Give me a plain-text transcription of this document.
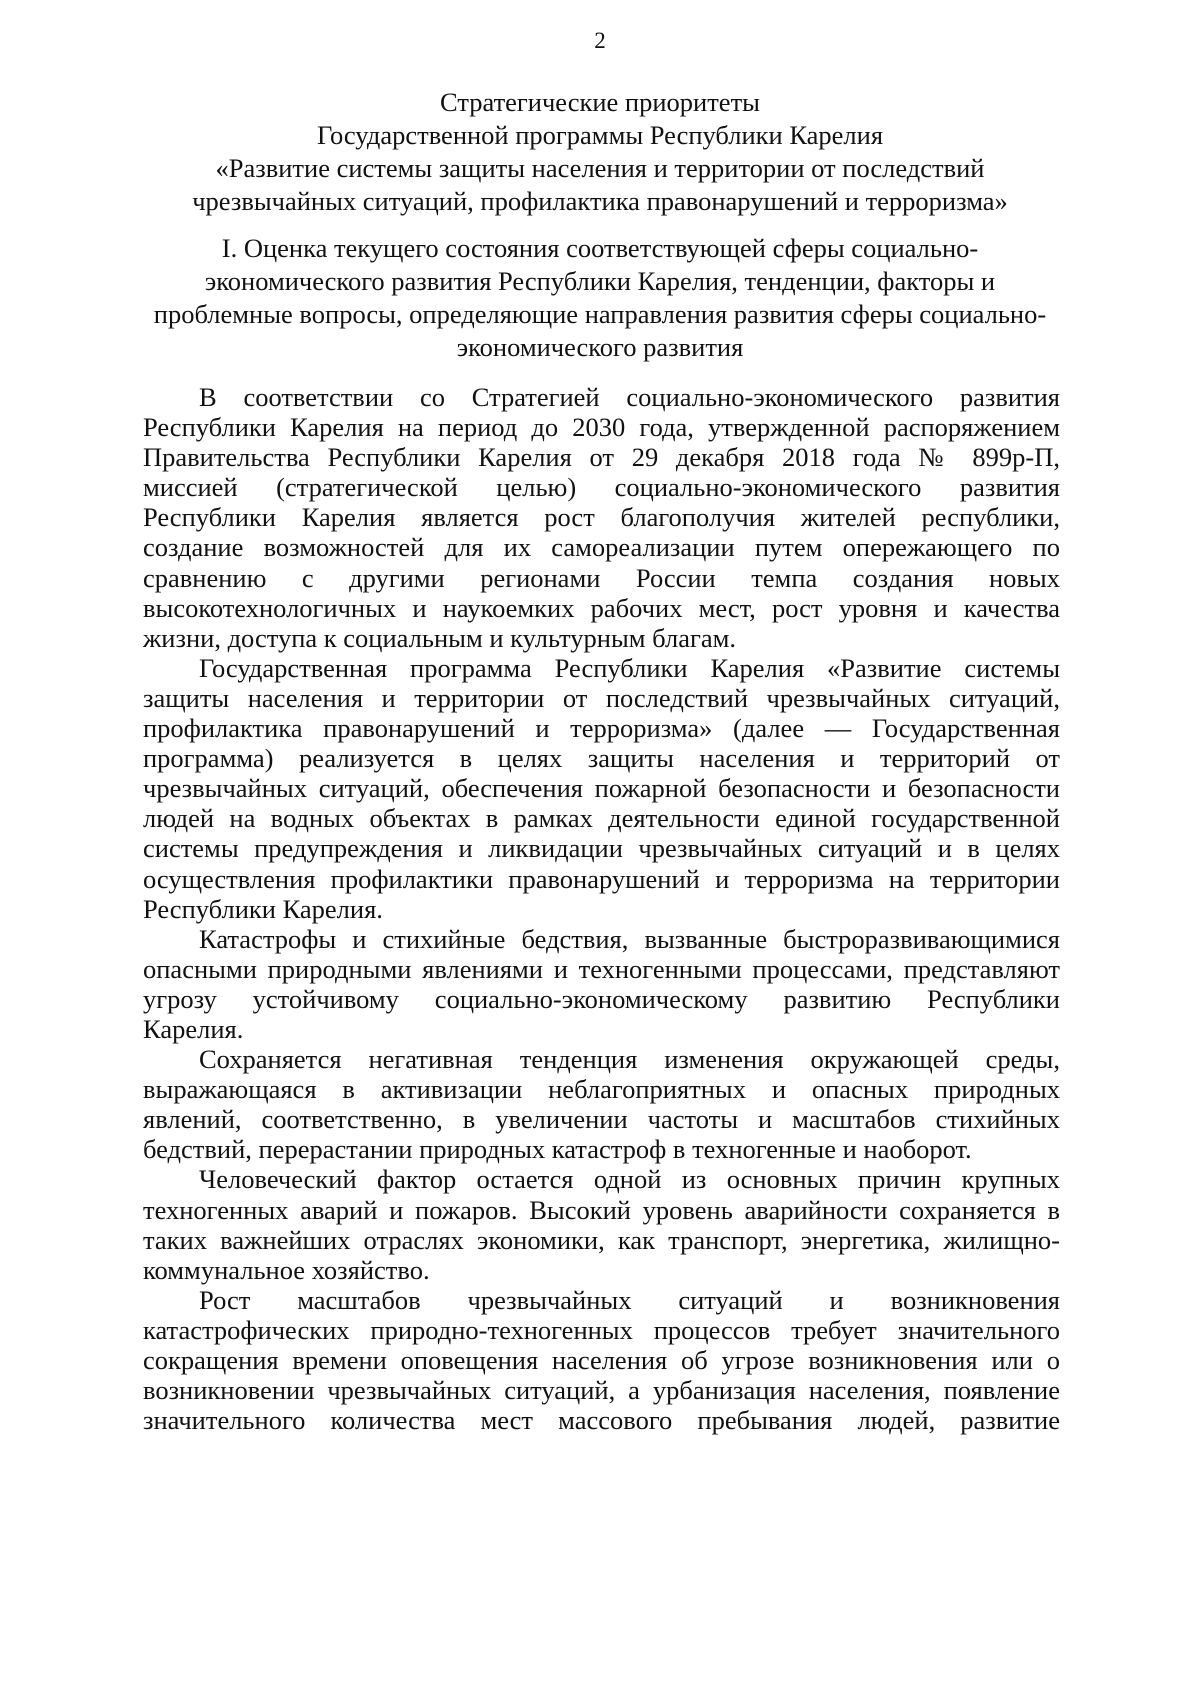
2
Стратегические приоритеты
Государственной программы Республики Карелия
«Развитие системы защиты населения и территории от последствий
чрезвычайных ситуаций, профилактика правонарушений и терроризма»
I. Оценка текущего состояния соответствующей сферы социально-
экономического развития Республики Карелия, тенденции, факторы и
проблемные вопросы, определяющие направления развития сферы социально-
экономического развития
В соответствии со Стратегией социально-экономического развития
Республики Карелия на период до 2030 года, утвержденной распоряжением
Правительства Республики Карелия от 29 декабря 2018 года № 899р-П,
миссией (стратегической целью) социально-экономического развития
Республики Карелия является рост благополучия жителей республики,
создание возможностей для их самореализации путем опережающего по
сравнению с другими регионами России темпа создания новых
высокотехнологичных и наукоемких рабочих мест, рост уровня и качества
жизни, доступа к социальным и культурным благам.
Государственная программа Республики Карелия «Развитие системы
защиты населения и территории от последствий чрезвычайных ситуаций,
профилактика правонарушений и терроризма» (далее — Государственная
программа) реализуется в целях защиты населения и территорий от
чрезвычайных ситуаций, обеспечения пожарной безопасности и безопасности
людей на водных объектах в рамках деятельности единой государственной
системы предупреждения и ликвидации чрезвычайных ситуаций и в целях
осуществления профилактики правонарушений и терроризма на территории
Республики Карелия.
Катастрофы и стихийные бедствия, вызванные быстроразвивающимися
опасными природными явлениями и техногенными процессами, представляют
угрозу устойчивому социально-экономическому развитию Республики
Карелия.
Сохраняется негативная тенденция изменения окружающей среды,
выражающаяся в активизации неблагоприятных и опасных природных
явлений, соответственно, в увеличении частоты и масштабов стихийных
бедствий, перерастании природных катастроф в техногенные и наоборот.
Человеческий фактор остается одной из основных причин крупных
техногенных аварий и пожаров. Высокий уровень аварийности сохраняется в
таких важнейших отраслях экономики, как транспорт, энергетика, жилищно-
коммунальное хозяйство.
Рост масштабов чрезвычайных ситуаций и возникновения
катастрофических природно-техногенных процессов требует значительного
сокращения времени оповещения населения об угрозе возникновения или о
возникновении чрезвычайных ситуаций, а урбанизация населения, появление
значительного количества мест массового пребывания людей, развитие
